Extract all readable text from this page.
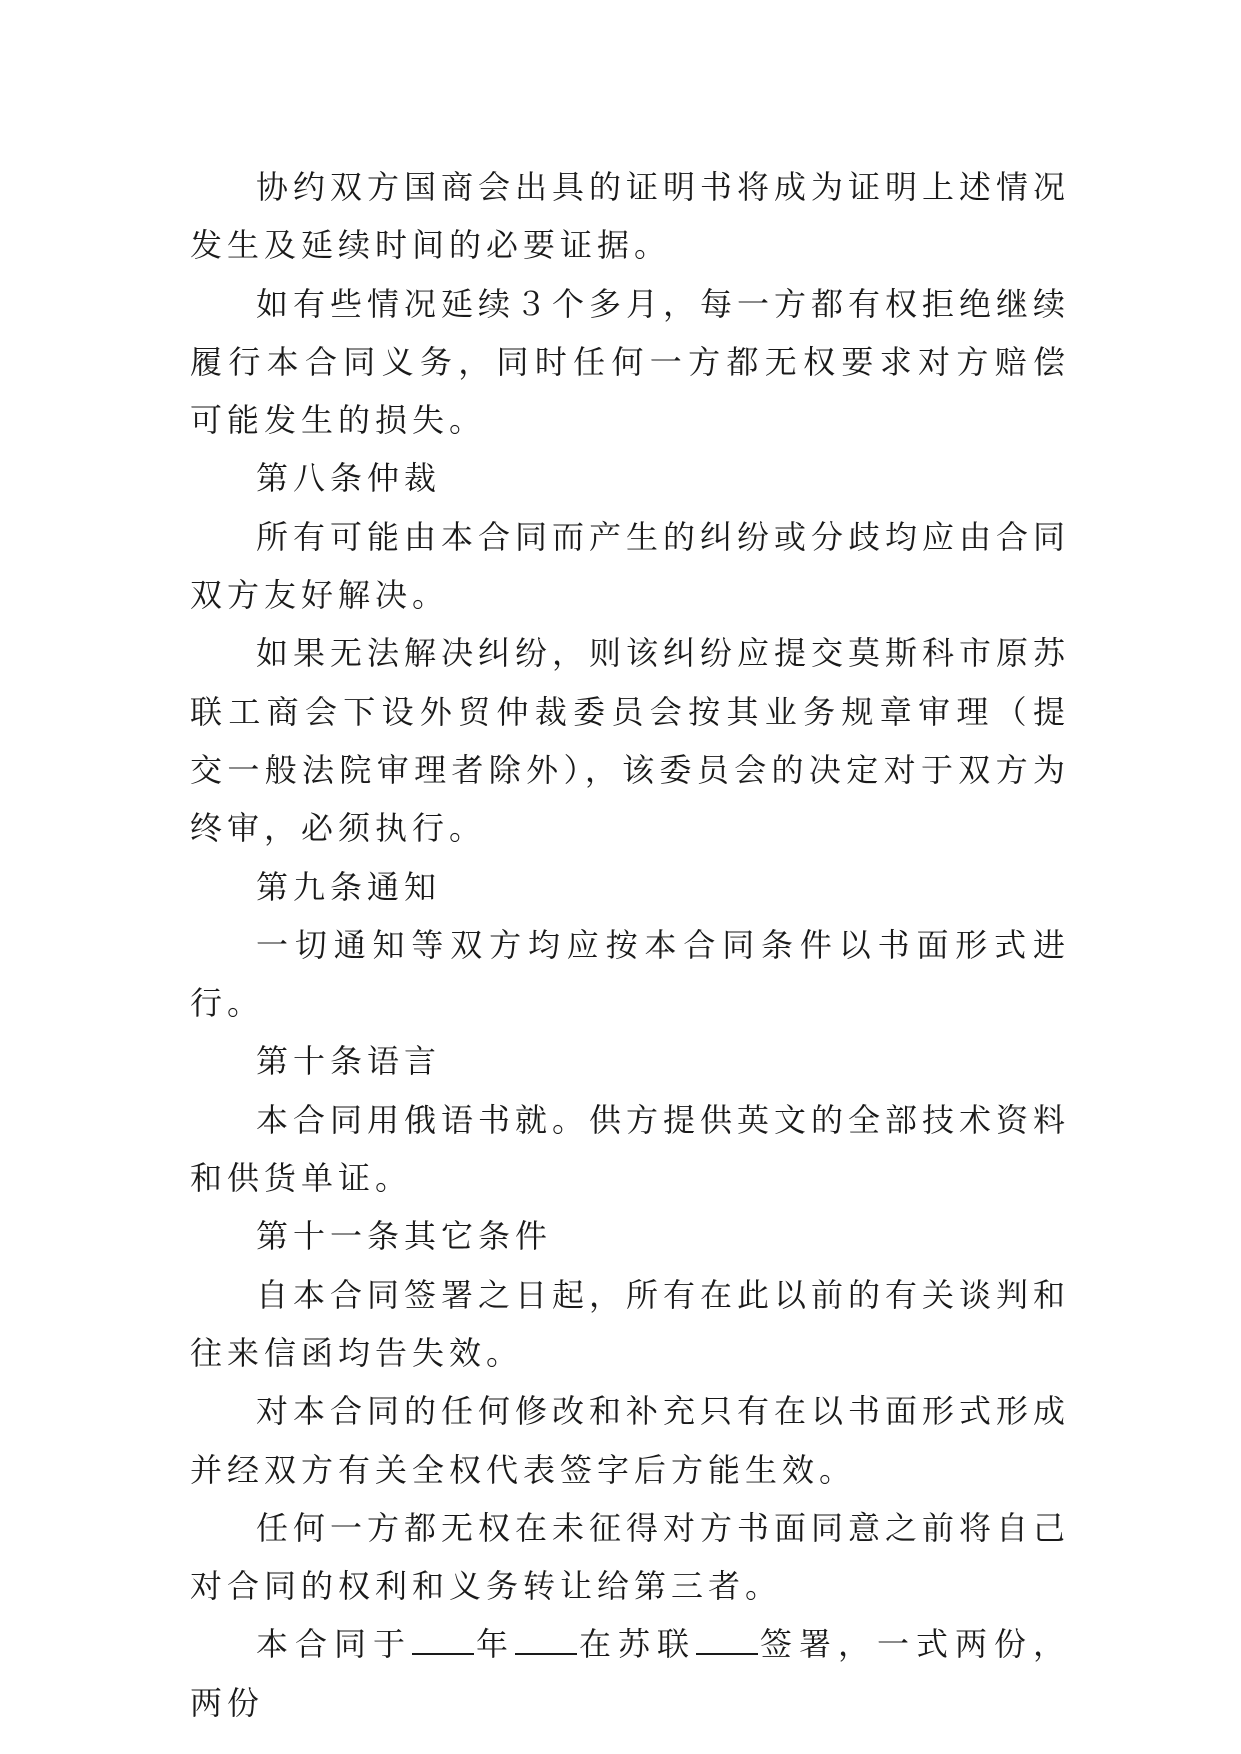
协约双方国商会出具的证明书将成为证明上述情况发生及延续时间的必要证据。

如有些情况延续３个多月，每一方都有权拒绝继续履行本合同义务，同时任何一方都无权要求对方赔偿可能发生的损失。

第八条仲裁

所有可能由本合同而产生的纠纷或分歧均应由合同双方友好解决。

如果无法解决纠纷，则该纠纷应提交莫斯科市原苏联工商会下设外贸仲裁委员会按其业务规章审理（提交一般法院审理者除外），该委员会的决定对于双方为终审，必须执行。

第九条通知

一切通知等双方均应按本合同条件以书面形式进行。

第十条语言

本合同用俄语书就。供方提供英文的全部技术资料和供货单证。

第十一条其它条件

自本合同签署之日起，所有在此以前的有关谈判和往来信函均告失效。

对本合同的任何修改和补充只有在以书面形式形成并经双方有关全权代表签字后方能生效。

任何一方都无权在未征得对方书面同意之前将自己对合同的权利和义务转让给第三者。

本合同于 年 在苏联 签署，一式两份，两份
